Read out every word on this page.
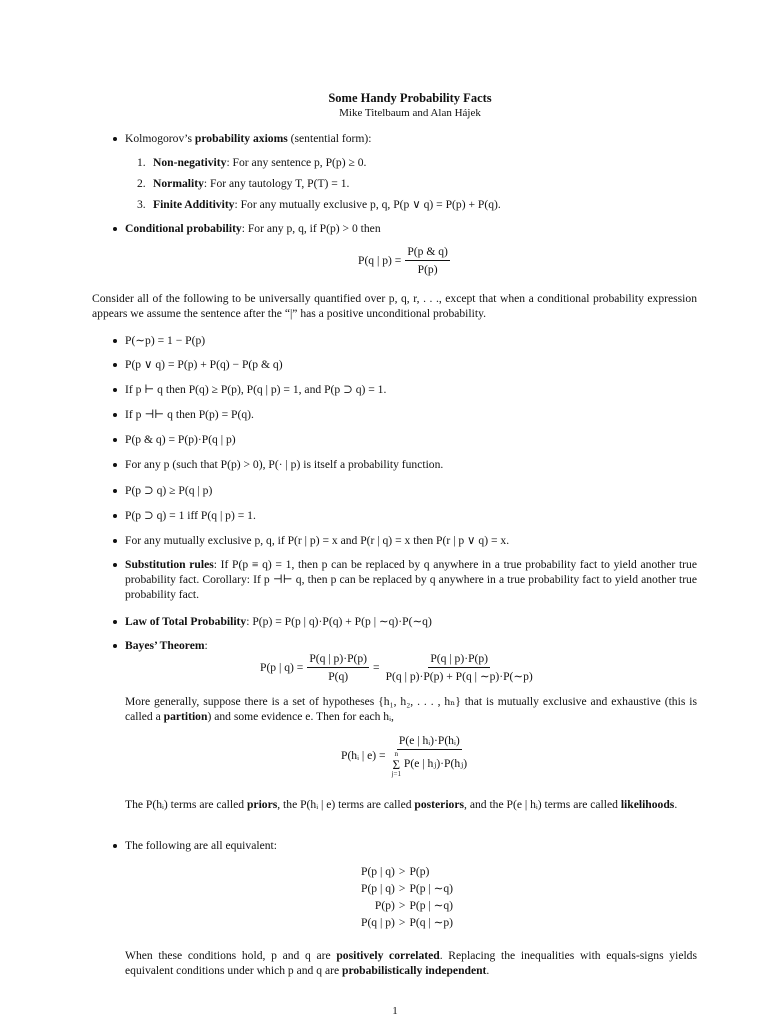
Some Handy Probability Facts
Mike Titelbaum and Alan Hájek
Kolmogorov’s probability axioms (sentential form):
1. Non-negativity: For any sentence p, P(p) ≥ 0.
2. Normality: For any tautology T, P(T) = 1.
3. Finite Additivity: For any mutually exclusive p, q, P(p ∨ q) = P(p) + P(q).
Conditional probability: For any p, q, if P(p) > 0 then
P(q | $p) = \frac{P(p \& q)}{P(p)}$
Consider all of the following to be universally quantified over p, q, r, . . ., except that when a conditional probability expression appears we assume the sentence after the “|” has a positive unconditional probability.
P(∼p) = 1 − P(p)
P(p ∨ q) = P(p) + P(q) − P(p & q)
If p ⊢ q then P(q) ≥ P(p), P(q | p) = 1, and P(p ⊃ q) = 1.
If p ⊣⊢ q then P(p) = P(q).
P(p & q) = P(p)·P(q | p)
For any p (such that P(p) > 0), P(· | p) is itself a probability function.
P(p ⊃ q) ≥ P(q | p)
P(p ⊃ q) = 1 iff P(q | p) = 1.
For any mutually exclusive p, q, if P(r | p) = x and P(r | q) = x then P(r | p ∨ q) = x.
Substitution rules: If P(p ≡ q) = 1, then p can be replaced by q anywhere in a true probability fact to yield another true probability fact. Corollary: If p ⊣⊢ q, then p can be replaced by q anywhere in a true probability fact to yield another true probability fact.
Law of Total Probability: P(p) = P(p | q)·P(q) + P(p | ∼q)·P(∼q)
Bayes’ Theorem:
P(p | $q) = \frac{P(q | p)\cdot P(p)}{P(q)} = \frac{P(q | p)\cdot P(p)}{P(q | p)\cdot P(p) + P(q | \sim p)\cdot P(\sim p)}$
More generally, suppose there is a set of hypotheses {h₁, h₂, . . . , hₙ} that is mutually exclusive and exhaustive (this is called a partition) and some evidence e. Then for each hᵢ,
P(hᵢ | e) = P(e | hᵢ)·P(hᵢ)
n
Σ
j=1
P(e | hⱼ)·P(hⱼ)
The P(hᵢ) terms are called priors, the P(hᵢ | e) terms are called posteriors, and the P(e | hᵢ) terms are called likelihoods.
The following are all equivalent:
P(p | q) > P(p)
P(p | q) > P(p | ∼q)
P(p) > P(p | ∼q)
P(q | p) > P(q | ∼p)
When these conditions hold, p and q are positively correlated. Replacing the inequalities with equals-signs yields equivalent conditions under which p and q are probabilistically independent.
1
